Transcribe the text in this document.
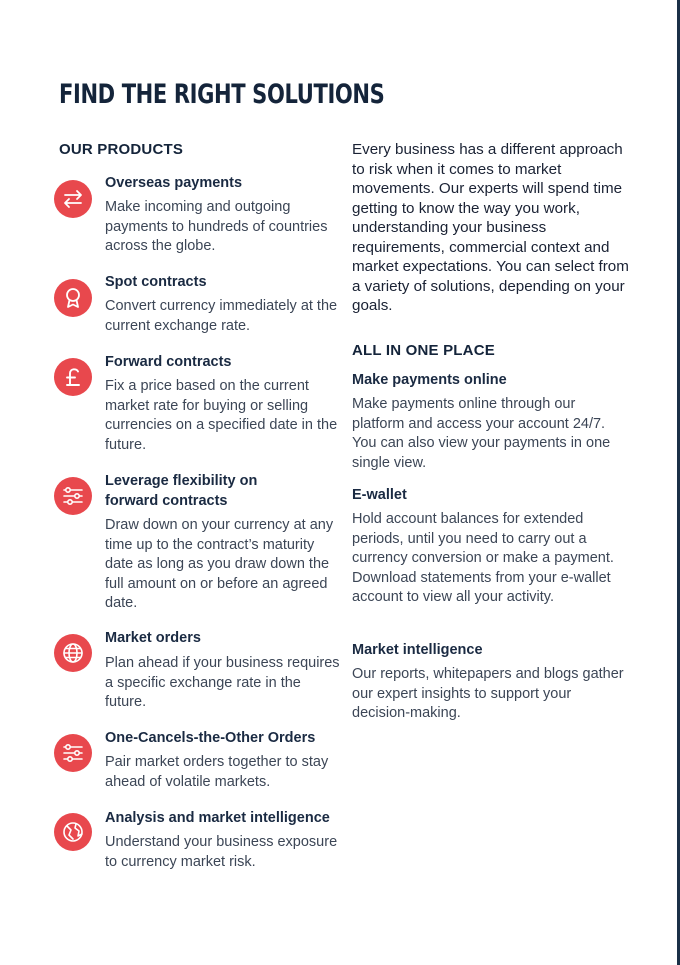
FIND THE RIGHT SOLUTIONS
OUR PRODUCTS
Overseas payments

Make incoming and outgoing payments to hundreds of countries across the globe.

Spot contracts

Convert currency immediately at the current exchange rate.

Forward contracts

Fix a price based on the current market rate for buying or selling currencies on a specified date in the future.

Leverage flexibility on forward contracts

Draw down on your currency at any time up to the contract’s maturity date as long as you draw down the full amount on or before an agreed date.

Market orders

Plan ahead if your business requires a specific exchange rate in the future.

One-Cancels-the-Other Orders

Pair market orders together to stay ahead of volatile markets.

Analysis and market intelligence

Understand your business exposure to currency market risk.

Every business has a different approach to risk when it comes to market movements. Our experts will spend time getting to know the way you work, understanding your business requirements, commercial context and market expectations. You can select from a variety of solutions, depending on your goals.

ALL IN ONE PLACE
Make payments online

Make payments online through our platform and access your account 24/7. You can also view your payments in one single view.

E-wallet

Hold account balances for extended periods, until you need to carry out a currency conversion or make a payment. Download statements from your e-wallet account to view all your activity.

Market intelligence

Our reports, whitepapers and blogs gather our expert insights to support your decision-making.
